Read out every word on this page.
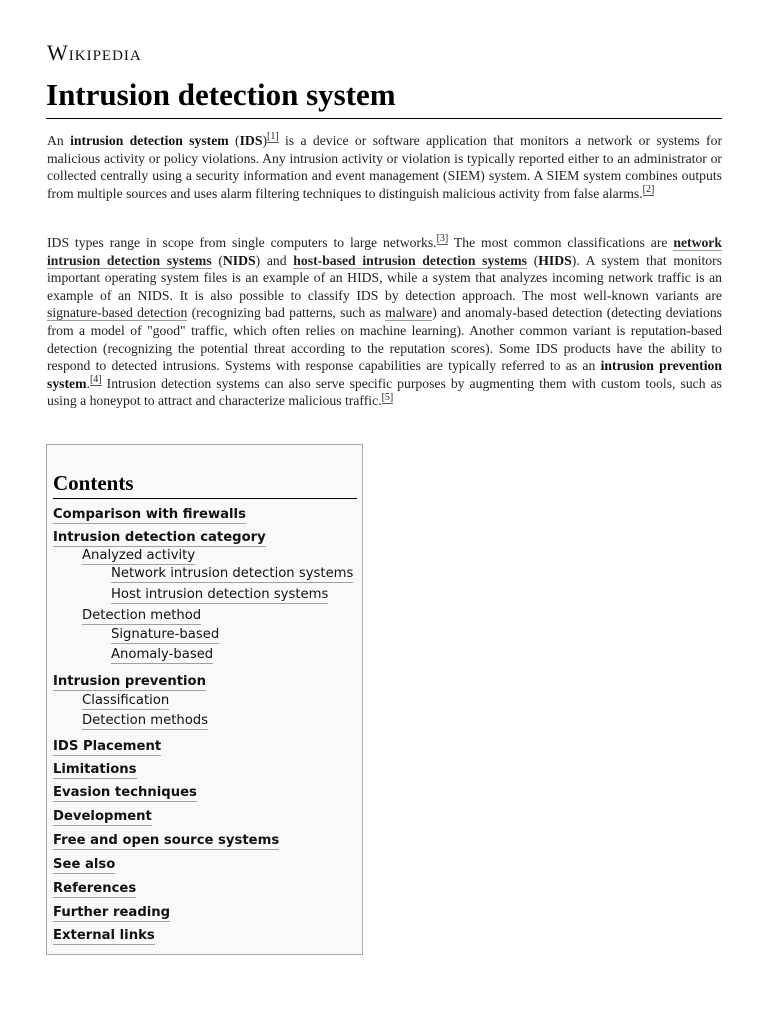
Wikipedia
Intrusion detection system

An intrusion detection system (IDS)[1] is a device or software application that monitors a network or systems for malicious activity or policy violations. Any intrusion activity or violation is typically reported either to an administrator or collected centrally using a security information and event management (SIEM) system. A SIEM system combines outputs from multiple sources and uses alarm filtering techniques to distinguish malicious activity from false alarms.[2]

IDS types range in scope from single computers to large networks.[3] The most common classifications are network intrusion detection systems (NIDS) and host-based intrusion detection systems (HIDS). A system that monitors important operating system files is an example of an HIDS, while a system that analyzes incoming network traffic is an example of an NIDS. It is also possible to classify IDS by detection approach. The most well-known variants are signature-based detection (recognizing bad patterns, such as malware) and anomaly-based detection (detecting deviations from a model of "good" traffic, which often relies on machine learning). Another common variant is reputation-based detection (recognizing the potential threat according to the reputation scores). Some IDS products have the ability to respond to detected intrusions. Systems with response capabilities are typically referred to as an intrusion prevention system.[4] Intrusion detection systems can also serve specific purposes by augmenting them with custom tools, such as using a honeypot to attract and characterize malicious traffic.[5]

Contents
Comparison with firewalls
Intrusion detection category
Analyzed activity
Network intrusion detection systems
Host intrusion detection systems
Detection method
Signature-based
Anomaly-based
Intrusion prevention
Classification
Detection methods
IDS Placement
Limitations
Evasion techniques
Development
Free and open source systems
See also
References
Further reading
External links
